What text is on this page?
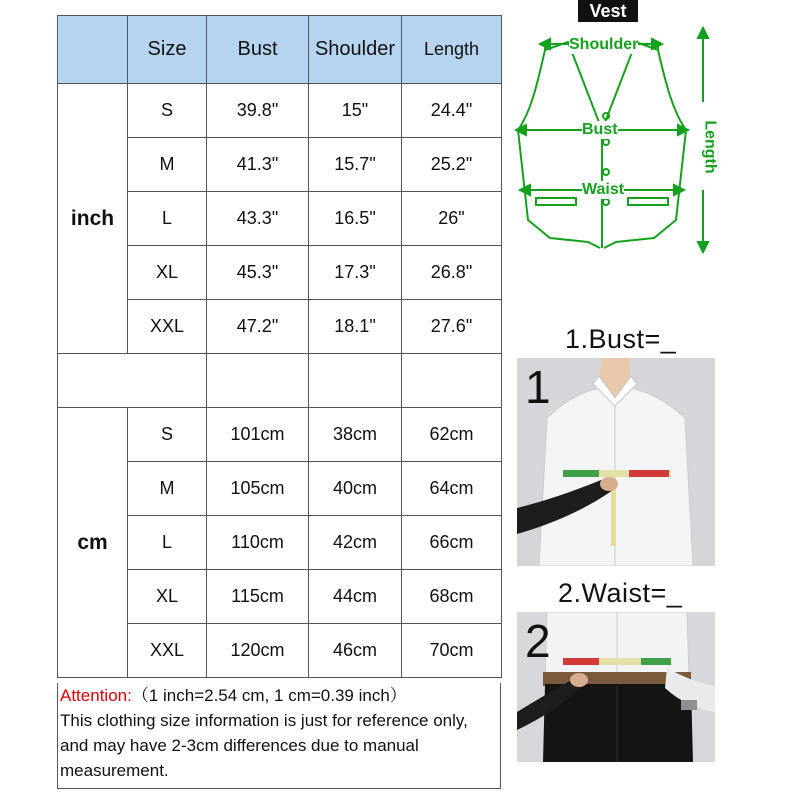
	Size	Bust	Shoulder	Length
inch	S	39.8"	15"	24.4"
	M	41.3"	15.7"	25.2"
	L	43.3"	16.5"	26"
	XL	45.3"	17.3"	26.8"
	XXL	47.2"	18.1"	27.6"

cm	S	101cm	38cm	62cm
	M	105cm	40cm	64cm
	L	110cm	42cm	66cm
	XL	115cm	44cm	68cm
	XXL	120cm	46cm	70cm
Attention:（1 inch=2.54 cm, 1 cm=0.39 inch）
This clothing size information is just for reference only, and may have 2-3cm differences due to manual measurement.
Vest
Shoulder
Bust
Waist
Length
1.Bust=_
1
2.Waist=_
2
